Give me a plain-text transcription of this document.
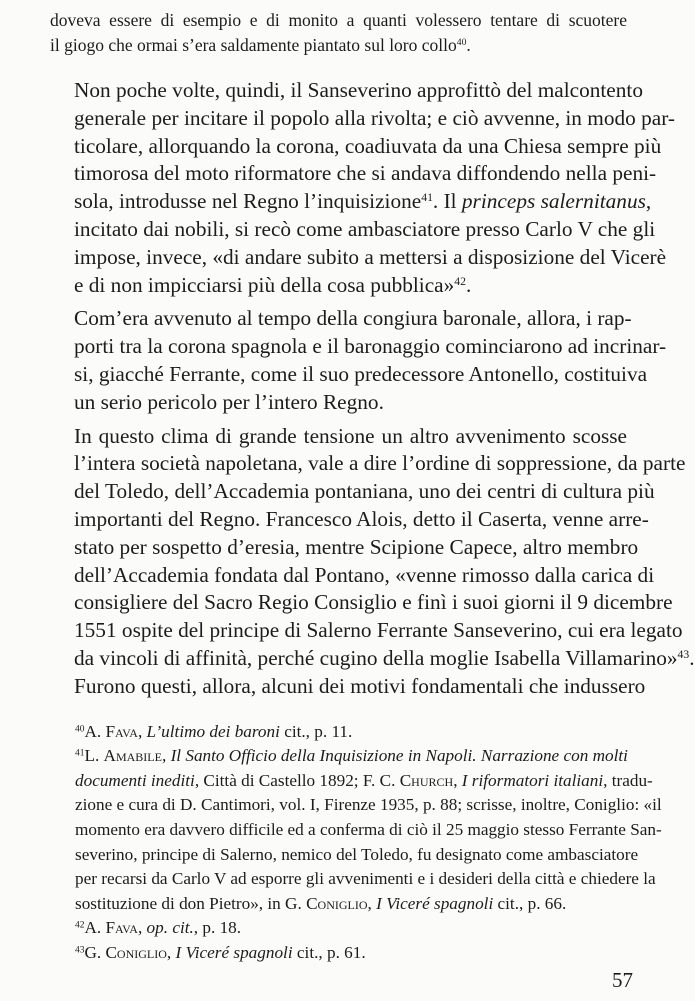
doveva essere di esempio e di monito a quanti volessero tentare di scuotere
il giogo che ormai s’era saldamente piantato sul loro collo$^{40}$.
Non poche volte, quindi, il Sanseverino approfittò del malcontento
generale per incitare il popolo alla rivolta; e ciò avvenne, in modo par-
ticolare, allorquando la corona, coadiuvata da una Chiesa sempre più
timorosa del moto riformatore che si andava diffondendo nella peni-
sola, introdusse nel Regno l’inquisizione$^{41}$. Il princeps salernitanus,
incitato dai nobili, si recò come ambasciatore presso Carlo V che gli
impose, invece, «di andare subito a mettersi a disposizione del Vicerè
e di non impicciarsi più della cosa pubblica»$^{42}$.
Com’era avvenuto al tempo della congiura baronale, allora, i rap-
porti tra la corona spagnola e il baronaggio cominciarono ad incrinar-
si, giacché Ferrante, come il suo predecessore Antonello, costituiva
un serio pericolo per l’intero Regno.
In questo clima di grande tensione un altro avvenimento scosse
l’intera società napoletana, vale a dire l’ordine di soppressione, da parte
del Toledo, dell’Accademia pontaniana, uno dei centri di cultura più
importanti del Regno. Francesco Alois, detto il Caserta, venne arre-
stato per sospetto d’eresia, mentre Scipione Capece, altro membro
dell’Accademia fondata dal Pontano, «venne rimosso dalla carica di
consigliere del Sacro Regio Consiglio e finì i suoi giorni il 9 dicembre
1551 ospite del principe di Salerno Ferrante Sanseverino, cui era legato
da vincoli di affinità, perché cugino della moglie Isabella Villamarino»$^{43}$.
Furono questi, allora, alcuni dei motivi fondamentali che indussero
$^{40}$A. Fava, L’ultimo dei baroni cit., p. 11.
$^{41}$L. Amabile, Il Santo Officio della Inquisizione in Napoli. Narrazione con molti
documenti inediti, Città di Castello 1892; F. C. Church, I riformatori italiani, tradu-
zione e cura di D. Cantimori, vol. I, Firenze 1935, p. 88; scrisse, inoltre, Coniglio: «il
momento era davvero difficile ed a conferma di ciò il 25 maggio stesso Ferrante San-
severino, principe di Salerno, nemico del Toledo, fu designato come ambasciatore
per recarsi da Carlo V ad esporre gli avvenimenti e i desideri della città e chiedere la
sostituzione di don Pietro», in G. Coniglio, I Viceré spagnoli cit., p. 66.
$^{42}$A. Fava, op. cit., p. 18.
$^{43}$G. Coniglio, I Viceré spagnoli cit., p. 61.
57
